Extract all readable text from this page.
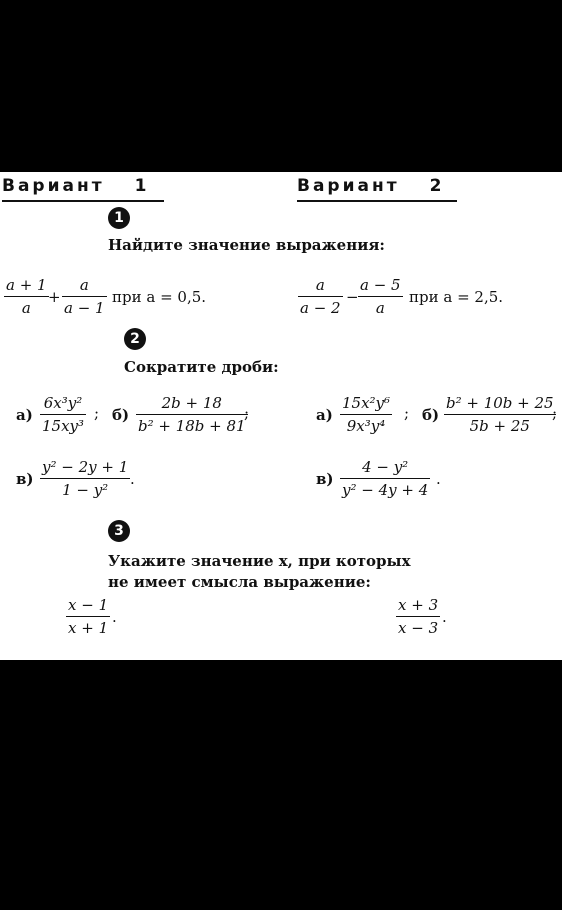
Вариант 1	Вариант 2
1
Найдите значение выражения:
$\frac{a + 1}{a} + \frac{a}{a - 1}$ при a = 0,5.	$\frac{a}{a - 2} - \frac{a - 5}{a}$ при a = 2,5.
2
Сократите дроби:
$а) \frac{\text{6x³y²}}{\text{15xy³}}$ ; $б) \frac{2b + 18}{\text{b² + 18b + 81}}$
;	$а) \frac{\text{15x²y⁶}}{\text{9x³y⁴}}$ ; $б) \frac{\text{b² + 10b + 25}}{5b + 25}$
;
$в) \frac{\text{y² − 2y + 1}}{\text{1 − y²}}$ .	$в) \frac{\text{4 − y²}}{\text{y² − 4y + 4}}$ .
3
Укажите значение x, при которых
не имеет смысла выражение:
$\frac{x - 1}{x + 1}$ .	$\frac{x + 3}{x - 3}$ .
